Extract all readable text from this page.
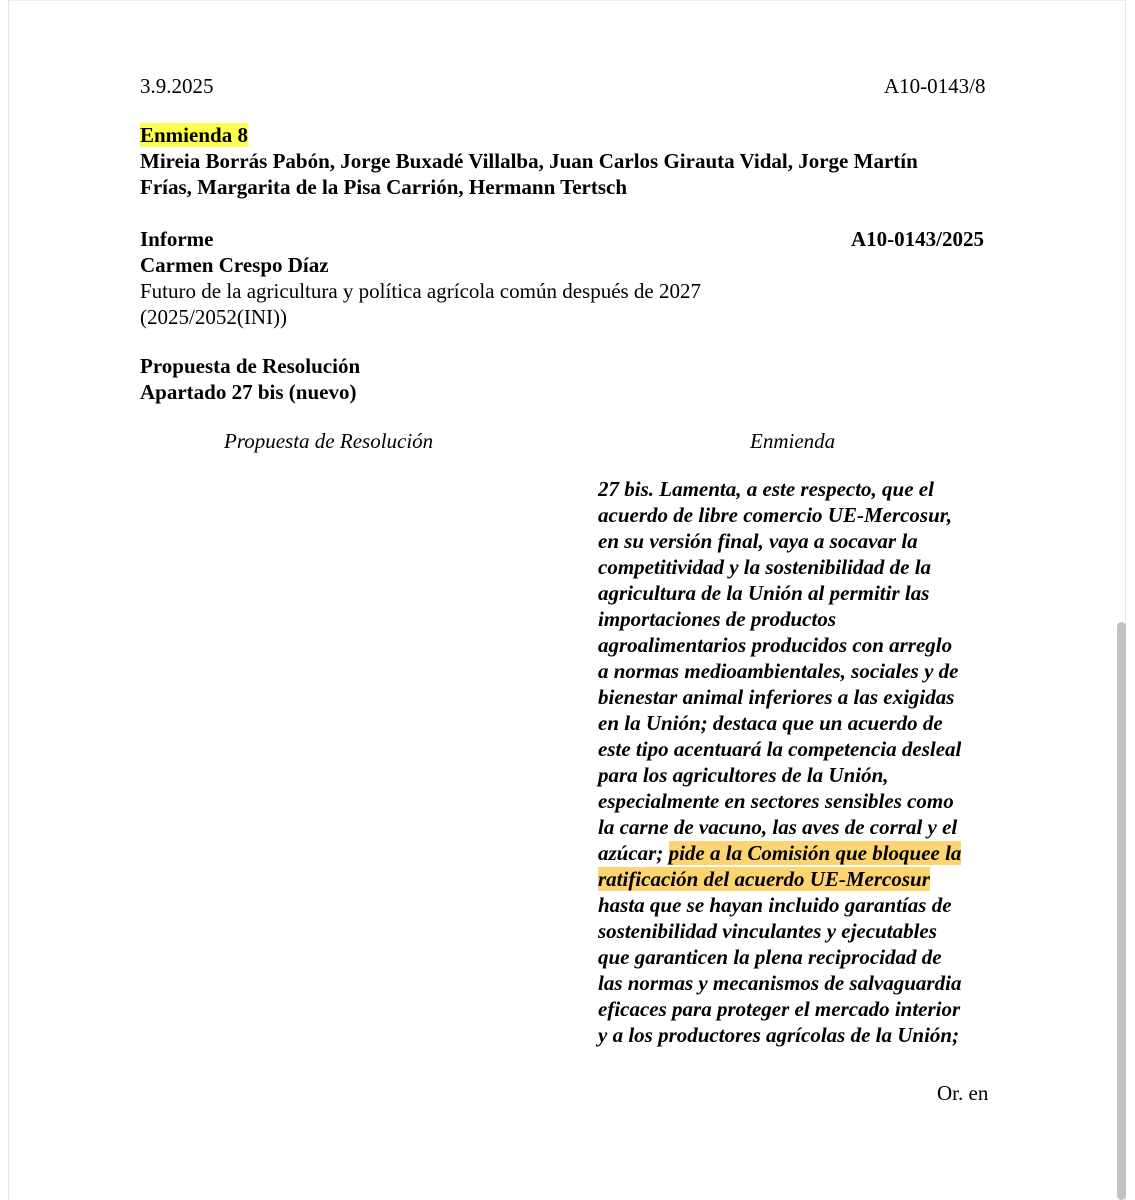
3.9.2025	A10-0143/8
Enmienda 8
Mireia Borrás Pabón, Jorge Buxadé Villalba, Juan Carlos Girauta Vidal, Jorge Martín
Frías, Margarita de la Pisa Carrión, Hermann Tertsch
Informe	A10-0143/2025
Carmen Crespo Díaz
Futuro de la agricultura y política agrícola común después de 2027
(2025/2052(INI))
Propuesta de Resolución
Apartado 27 bis (nuevo)
Propuesta de Resolución	Enmienda
27 bis. Lamenta, a este respecto, que el
acuerdo de libre comercio UE-Mercosur,
en su versión final, vaya a socavar la
competitividad y la sostenibilidad de la
agricultura de la Unión al permitir las
importaciones de productos
agroalimentarios producidos con arreglo
a normas medioambientales, sociales y de
bienestar animal inferiores a las exigidas
en la Unión; destaca que un acuerdo de
este tipo acentuará la competencia desleal
para los agricultores de la Unión,
especialmente en sectores sensibles como
la carne de vacuno, las aves de corral y el
azúcar; pide a la Comisión que bloquee la
ratificación del acuerdo UE-Mercosur
hasta que se hayan incluido garantías de
sostenibilidad vinculantes y ejecutables
que garanticen la plena reciprocidad de
las normas y mecanismos de salvaguardia
eficaces para proteger el mercado interior
y a los productores agrícolas de la Unión;
Or. en
